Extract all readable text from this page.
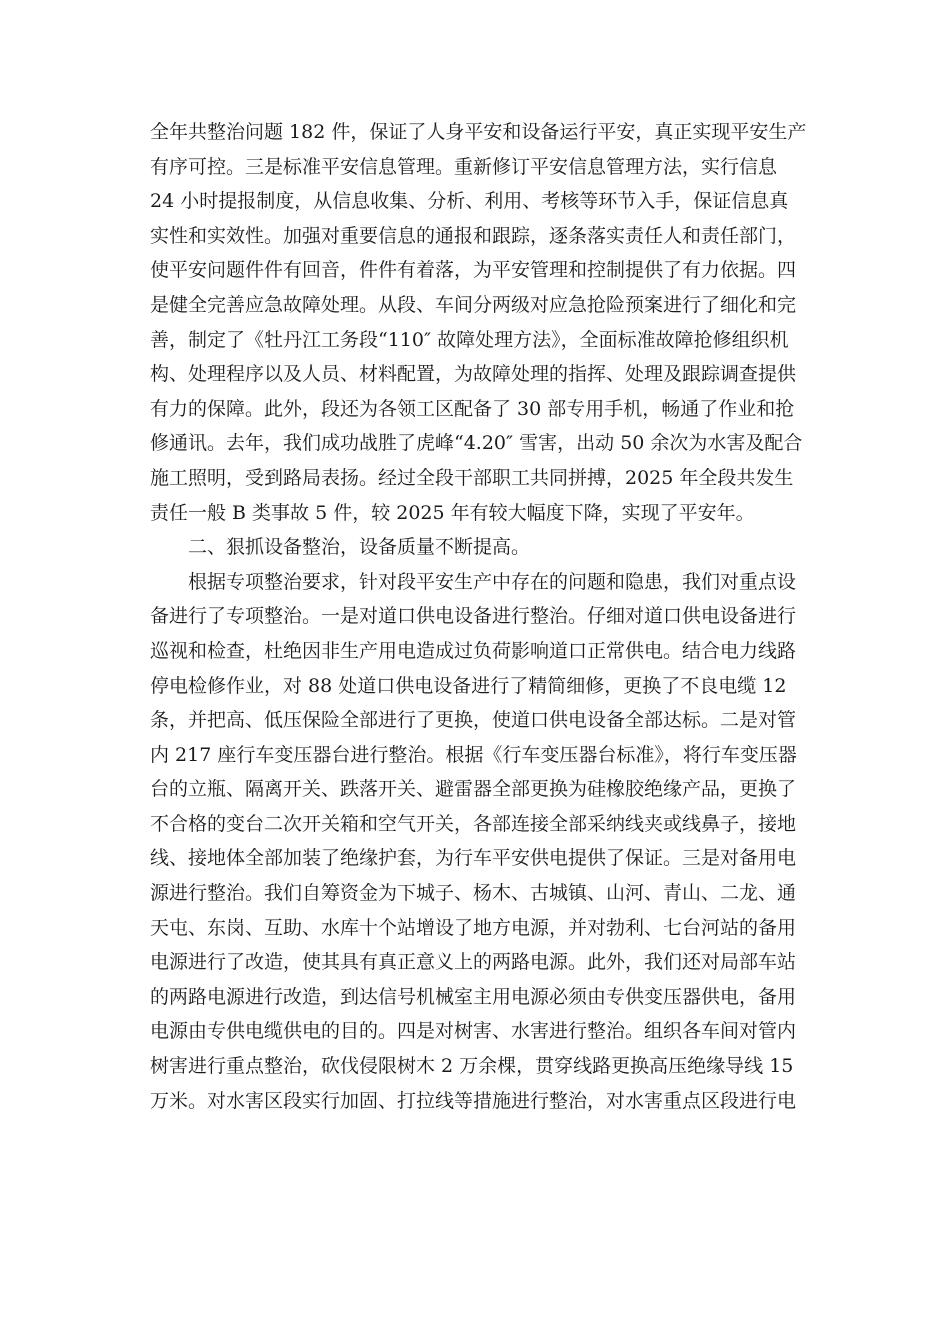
全年共整治问题 182 件，保证了人身平安和设备运行平安，真正实现平安生产
有序可控。三是标准平安信息管理。重新修订平安信息管理方法，实行信息
24 小时提报制度，从信息收集、分析、利用、考核等环节入手，保证信息真
实性和实效性。加强对重要信息的通报和跟踪，逐条落实责任人和责任部门，
使平安问题件件有回音，件件有着落，为平安管理和控制提供了有力依据。四
是健全完善应急故障处理。从段、车间分两级对应急抢险预案进行了细化和完
善，制定了《牡丹江工务段“110″ 故障处理方法》，全面标准故障抢修组织机
构、处理程序以及人员、材料配置，为故障处理的指挥、处理及跟踪调查提供
有力的保障。此外，段还为各领工区配备了 30 部专用手机，畅通了作业和抢
修通讯。去年，我们成功战胜了虎峰“4.20″ 雪害，出动 50 余次为水害及配合
施工照明，受到路局表扬。经过全段干部职工共同拼搏，2025 年全段共发生
责任一般 B 类事故 5 件，较 2025 年有较大幅度下降，实现了平安年。
二、狠抓设备整治，设备质量不断提高。
根据专项整治要求，针对段平安生产中存在的问题和隐患，我们对重点设
备进行了专项整治。一是对道口供电设备进行整治。仔细对道口供电设备进行
巡视和检查，杜绝因非生产用电造成过负荷影响道口正常供电。结合电力线路
停电检修作业，对 88 处道口供电设备进行了精简细修，更换了不良电缆 12
条，并把高、低压保险全部进行了更换，使道口供电设备全部达标。二是对管
内 217 座行车变压器台进行整治。根据《行车变压器台标准》，将行车变压器
台的立瓶、隔离开关、跌落开关、避雷器全部更换为硅橡胶绝缘产品，更换了
不合格的变台二次开关箱和空气开关，各部连接全部采纳线夹或线鼻子，接地
线、接地体全部加装了绝缘护套，为行车平安供电提供了保证。三是对备用电
源进行整治。我们自筹资金为下城子、杨木、古城镇、山河、青山、二龙、通
天屯、东岗、互助、水库十个站增设了地方电源，并对勃利、七台河站的备用
电源进行了改造，使其具有真正意义上的两路电源。此外，我们还对局部车站
的两路电源进行改造，到达信号机械室主用电源必须由专供变压器供电，备用
电源由专供电缆供电的目的。四是对树害、水害进行整治。组织各车间对管内
树害进行重点整治，砍伐侵限树木 2 万余棵，贯穿线路更换高压绝缘导线 15
万米。对水害区段实行加固、打拉线等措施进行整治，对水害重点区段进行电
